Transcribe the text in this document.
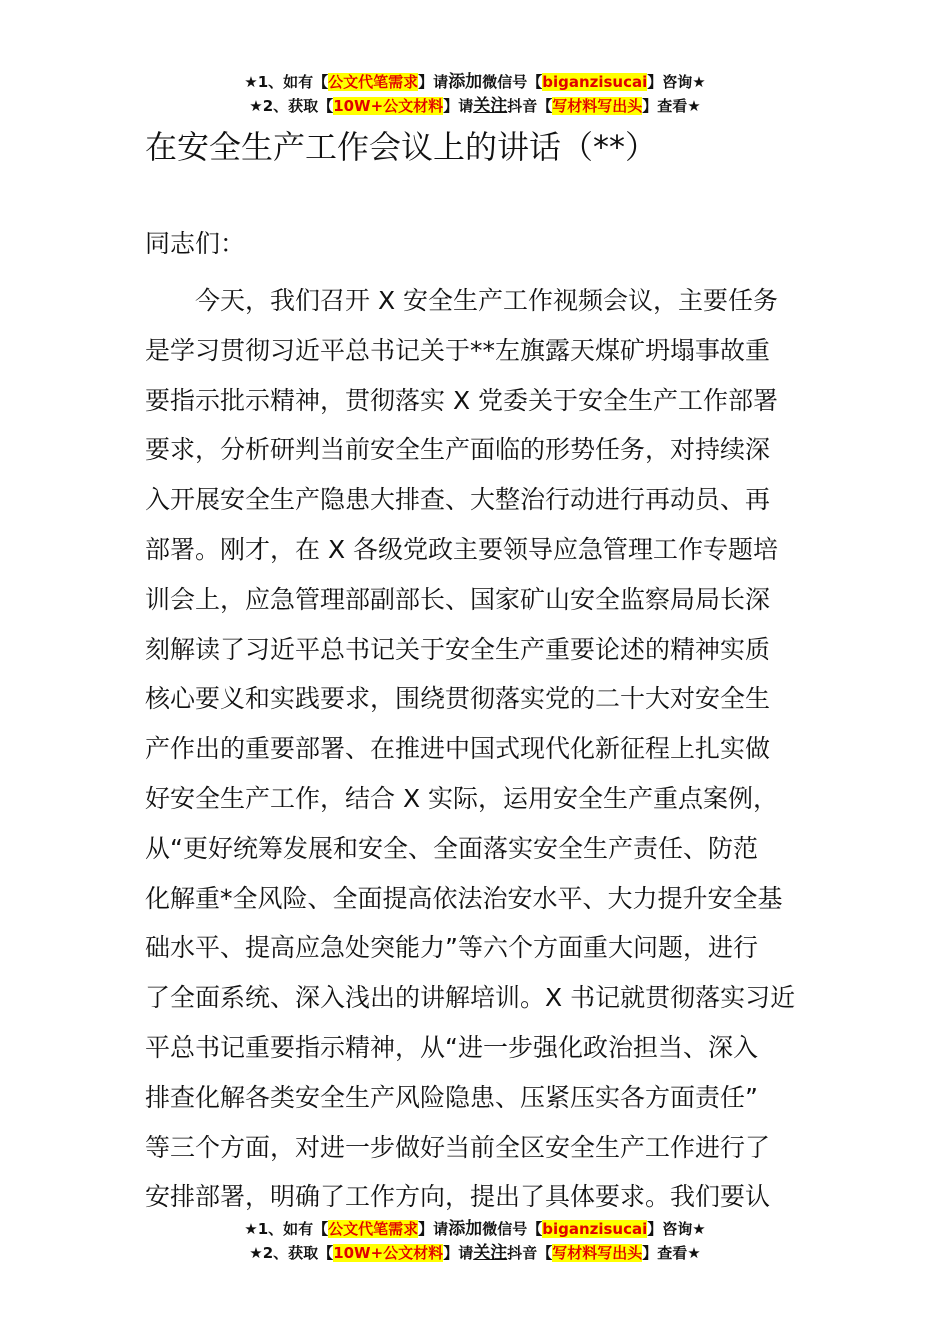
★1、如有【公文代笔需求】请添加微信号【biganzisucai】咨询★
★2、获取【10W+公文材料】请关注抖音【写材料写出头】查看★
在安全生产工作会议上的讲话（**）

同志们：

今天，我们召开 X 安全生产工作视频会议，主要任务
是学习贯彻习近平总书记关于**左旗露天煤矿坍塌事故重
要指示批示精神，贯彻落实 X 党委关于安全生产工作部署
要求，分析研判当前安全生产面临的形势任务，对持续深
入开展安全生产隐患大排查、大整治行动进行再动员、再
部署。刚才，在 X 各级党政主要领导应急管理工作专题培
训会上，应急管理部副部长、国家矿山安全监察局局长深
刻解读了习近平总书记关于安全生产重要论述的精神实质
核心要义和实践要求，围绕贯彻落实党的二十大对安全生
产作出的重要部署、在推进中国式现代化新征程上扎实做
好安全生产工作，结合 X 实际，运用安全生产重点案例，
从“更好统筹发展和安全、全面落实安全生产责任、防范
化解重*全风险、全面提高依法治安水平、大力提升安全基
础水平、提高应急处突能力”等六个方面重大问题，进行
了全面系统、深入浅出的讲解培训。X 书记就贯彻落实习近
平总书记重要指示精神，从“进一步强化政治担当、深入
排查化解各类安全生产风险隐患、压紧压实各方面责任”
等三个方面，对进一步做好当前全区安全生产工作进行了
安排部署，明确了工作方向，提出了具体要求。我们要认
★1、如有【公文代笔需求】请添加微信号【biganzisucai】咨询★
★2、获取【10W+公文材料】请关注抖音【写材料写出头】查看★
